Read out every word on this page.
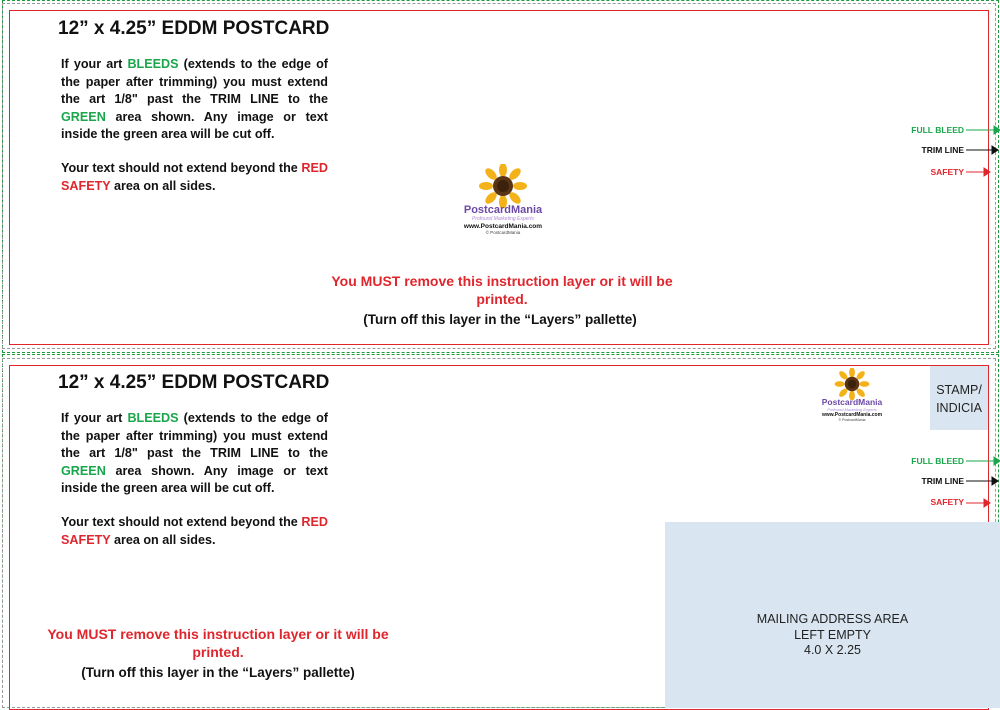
12” x 4.25” EDDM POSTCARD
If your art BLEEDS (extends to the edge of the paper after trimming) you must extend the art 1/8" past the TRIM LINE to the GREEN area shown. Any image or text inside the green area will be cut off.
Your text should not extend beyond the RED SAFETY area on all sides.
PostcardMania
Profound Marketing Experts
www.PostcardMania.com
© PostcardMania
You MUST remove this instruction layer or it will be printed.
(Turn off this layer in the “Layers” pallette)
FULL BLEED
TRIM LINE
SAFETY
12” x 4.25” EDDM POSTCARD
If your art BLEEDS (extends to the edge of the paper after trimming) you must extend the art 1/8" past the TRIM LINE to the GREEN area shown. Any image or text inside the green area will be cut off.
Your text should not extend beyond the RED SAFETY area on all sides.
You MUST remove this instruction layer or it will be printed.
(Turn off this layer in the “Layers” pallette)
PostcardMania
Profound Marketing Experts
www.PostcardMania.com
© PostcardMania
STAMP/
INDICIA
FULL BLEED
TRIM LINE
SAFETY
MAILING ADDRESS AREA
LEFT EMPTY
4.0 X 2.25
